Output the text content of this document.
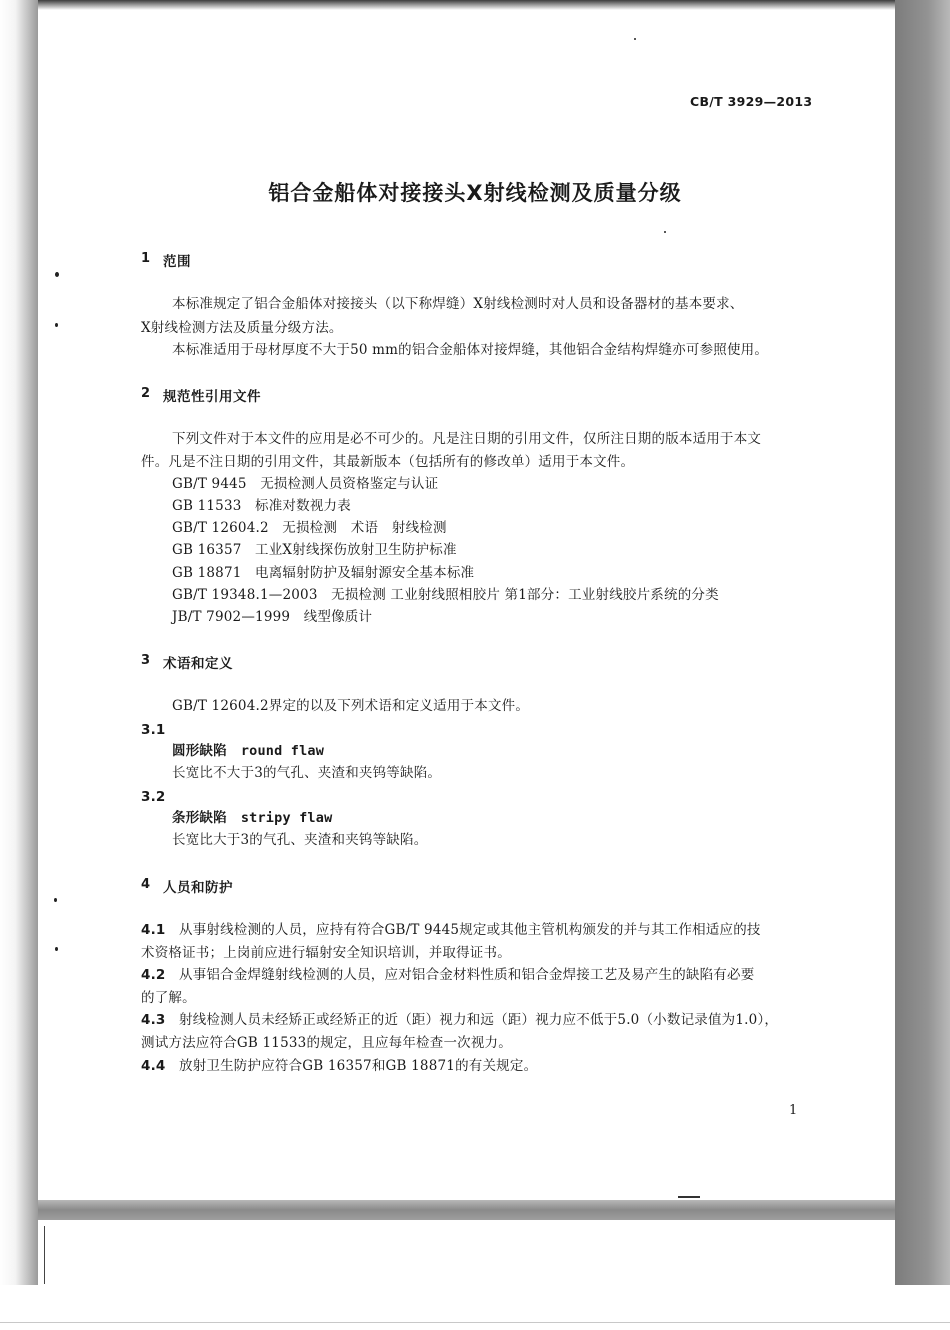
CB/T 3929—2013
铝合金船体对接接头X射线检测及质量分级
1 范围
本标准规定了铝合金船体对接接头（以下称焊缝）X射线检测时对人员和设备器材的基本要求、
X射线检测方法及质量分级方法。
本标准适用于母材厚度不大于50 mm的铝合金船体对接焊缝，其他铝合金结构焊缝亦可参照使用。
2 规范性引用文件
下列文件对于本文件的应用是必不可少的。凡是注日期的引用文件，仅所注日期的版本适用于本文
件。凡是不注日期的引用文件，其最新版本（包括所有的修改单）适用于本文件。
GB/T 9445 无损检测人员资格鉴定与认证
GB 11533 标准对数视力表
GB/T 12604.2 无损检测　术语　射线检测
GB 16357 工业X射线探伤放射卫生防护标准
GB 18871 电离辐射防护及辐射源安全基本标准
GB/T 19348.1—2003 无损检测 工业射线照相胶片 第1部分：工业射线胶片系统的分类
JB/T 7902—1999 线型像质计
3 术语和定义
GB/T 12604.2界定的以及下列术语和定义适用于本文件。
3.1
圆形缺陷 round flaw
长宽比不大于3的气孔、夹渣和夹钨等缺陷。
3.2
条形缺陷 stripy flaw
长宽比大于3的气孔、夹渣和夹钨等缺陷。
4 人员和防护
4.1 从事射线检测的人员，应持有符合GB/T 9445规定或其他主管机构颁发的并与其工作相适应的技
术资格证书；上岗前应进行辐射安全知识培训，并取得证书。
4.2 从事铝合金焊缝射线检测的人员，应对铝合金材料性质和铝合金焊接工艺及易产生的缺陷有必要
的了解。
4.3 射线检测人员未经矫正或经矫正的近（距）视力和远（距）视力应不低于5.0（小数记录值为1.0），
测试方法应符合GB 11533的规定，且应每年检查一次视力。
4.4 放射卫生防护应符合GB 16357和GB 18871的有关规定。
1
